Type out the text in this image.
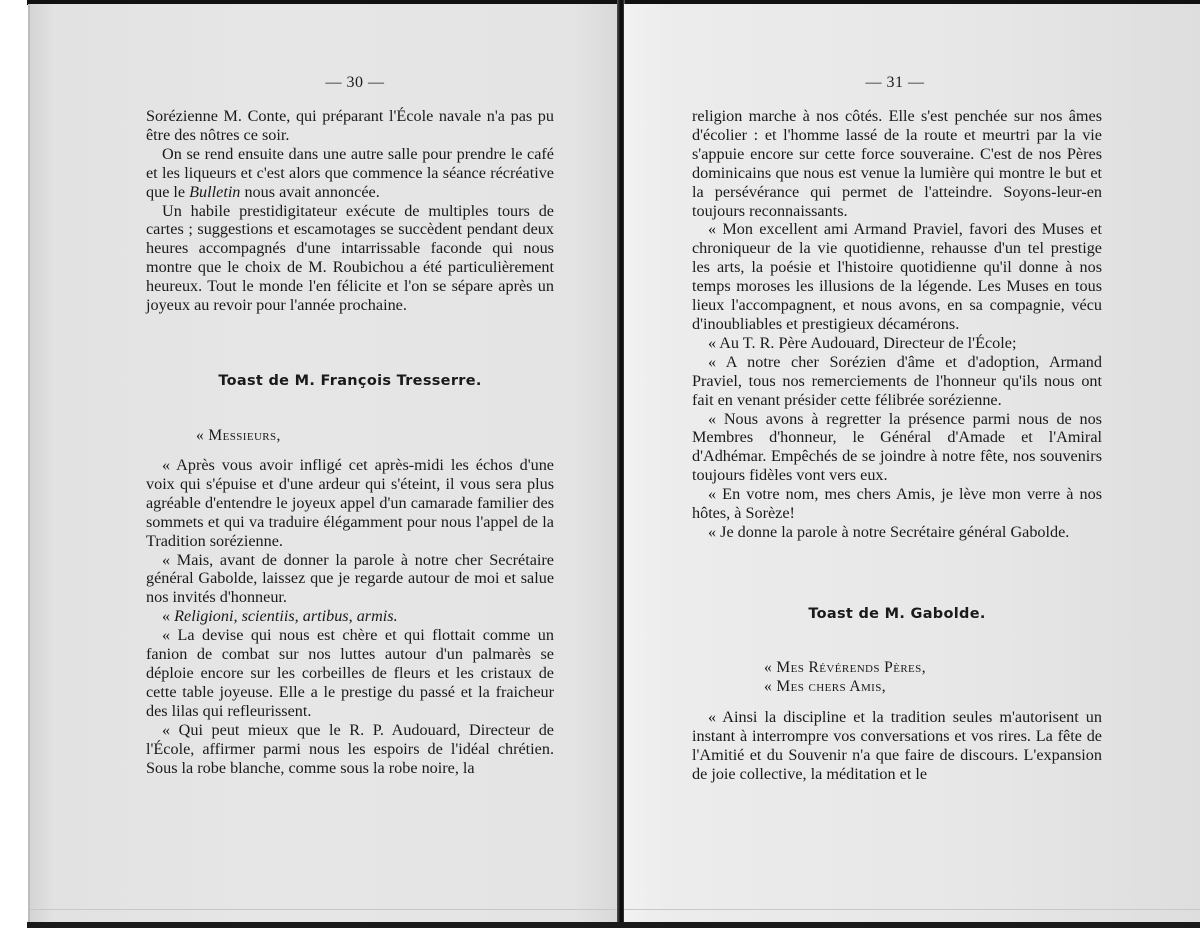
— 30 —

Sorézienne M. Conte, qui préparant l'École navale n'a pas pu être des nôtres ce soir.

On se rend ensuite dans une autre salle pour prendre le café et les liqueurs et c'est alors que commence la séance récréative que le Bulletin nous avait annoncée.

Un habile prestidigitateur exécute de multiples tours de cartes ; suggestions et escamotages se succèdent pendant deux heures accompagnés d'une intarrissable faconde qui nous montre que le choix de M. Roubichou a été particulièrement heureux. Tout le monde l'en félicite et l'on se sépare après un joyeux au revoir pour l'année prochaine.

Toast de M. François Tresserre.
« Messieurs,

« Après vous avoir infligé cet après-midi les échos d'une voix qui s'épuise et d'une ardeur qui s'éteint, il vous sera plus agréable d'entendre le joyeux appel d'un camarade familier des sommets et qui va traduire élégamment pour nous l'appel de la Tradition sorézienne.

« Mais, avant de donner la parole à notre cher Secrétaire général Gabolde, laissez que je regarde autour de moi et salue nos invités d'honneur.

« Religioni, scientiis, artibus, armis.

« La devise qui nous est chère et qui flottait comme un fanion de combat sur nos luttes autour d'un palmarès se déploie encore sur les corbeilles de fleurs et les cristaux de cette table joyeuse. Elle a le prestige du passé et la fraicheur des lilas qui refleurissent.

« Qui peut mieux que le R. P. Audouard, Directeur de l'École, affirmer parmi nous les espoirs de l'idéal chrétien. Sous la robe blanche, comme sous la robe noire, la

— 31 —

religion marche à nos côtés. Elle s'est penchée sur nos âmes d'écolier : et l'homme lassé de la route et meurtri par la vie s'appuie encore sur cette force souveraine. C'est de nos Pères dominicains que nous est venue la lumière qui montre le but et la persévérance qui permet de l'atteindre. Soyons-leur-en toujours reconnaissants.

« Mon excellent ami Armand Praviel, favori des Muses et chroniqueur de la vie quotidienne, rehausse d'un tel prestige les arts, la poésie et l'histoire quotidienne qu'il donne à nos temps moroses les illusions de la légende. Les Muses en tous lieux l'accompagnent, et nous avons, en sa compagnie, vécu d'inoubliables et prestigieux décamérons.

« Au T. R. Père Audouard, Directeur de l'École;

« A notre cher Sorézien d'âme et d'adoption, Armand Praviel, tous nos remerciements de l'honneur qu'ils nous ont fait en venant présider cette félibrée sorézienne.

« Nous avons à regretter la présence parmi nous de nos Membres d'honneur, le Général d'Amade et l'Amiral d'Adhémar. Empêchés de se joindre à notre fête, nos souvenirs toujours fidèles vont vers eux.

« En votre nom, mes chers Amis, je lève mon verre à nos hôtes, à Sorèze!

« Je donne la parole à notre Secrétaire général Gabolde.

Toast de M. Gabolde.

« Mes Révérends Pères,

« Mes chers Amis,

« Ainsi la discipline et la tradition seules m'autorisent un instant à interrompre vos conversations et vos rires. La fête de l'Amitié et du Souvenir n'a que faire de discours. L'expansion de joie collective, la méditation et le
